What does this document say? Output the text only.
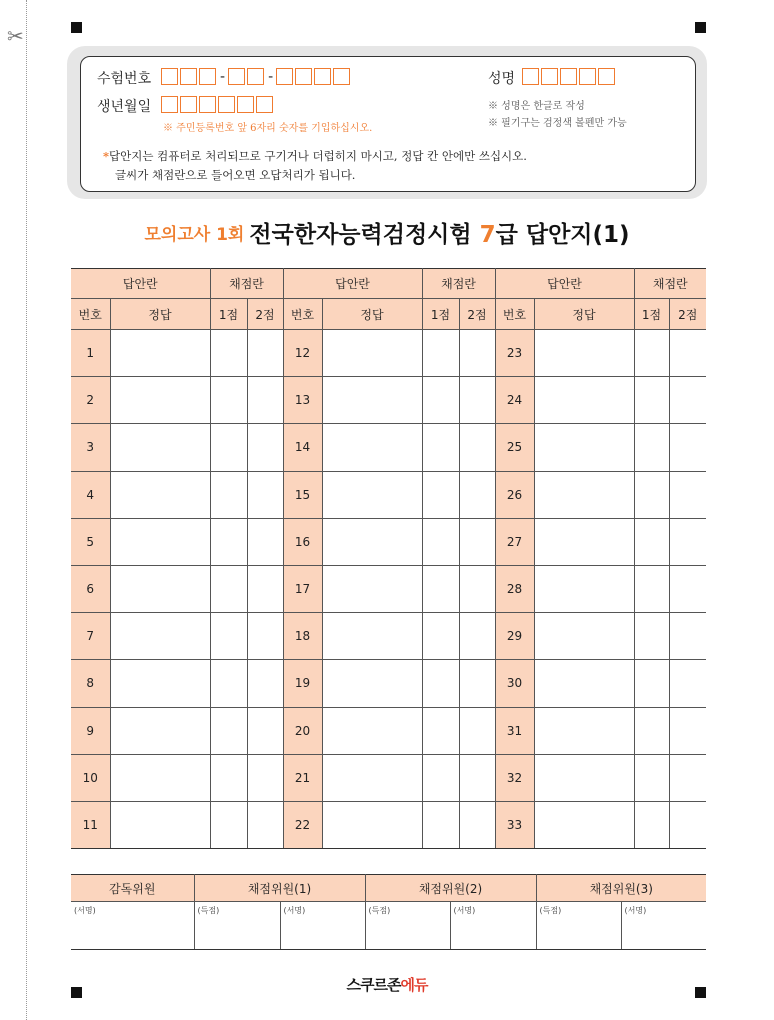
✂
수험번호	-	-
생년월일
※ 주민등록번호 앞 6자리 숫자를 기입하십시오.
성명
※ 성명은 한글로 작성
※ 필기구는 검정색 볼펜만 가능
*답안지는 컴퓨터로 처리되므로 구기거나 더럽히지 마시고, 정답 칸 안에만 쓰십시오.
글씨가 채점란으로 들어오면 오답처리가 됩니다.
모의고사 1회 전국한자능력검정시험 7급 답안지(1)
답안란		채점란		답안란		채점란		답안란		채점란	
번호	정답	1점	2점	번호	정답	1점	2점	번호	정답	1점	2점
1				12				23			
2				13				24			
3				14				25			
4				15				26			
5				16				27			
6				17				28			
7				18				29			
8				19				30			
9				20				31			
10				21				32			
11				22				33			
감독위원	채점위원(1)		채점위원(2)		채점위원(3)	
(서명)	(득점)	(서명)	(득점)	(서명)	(득점)	(서명)
스쿠르존에듀
